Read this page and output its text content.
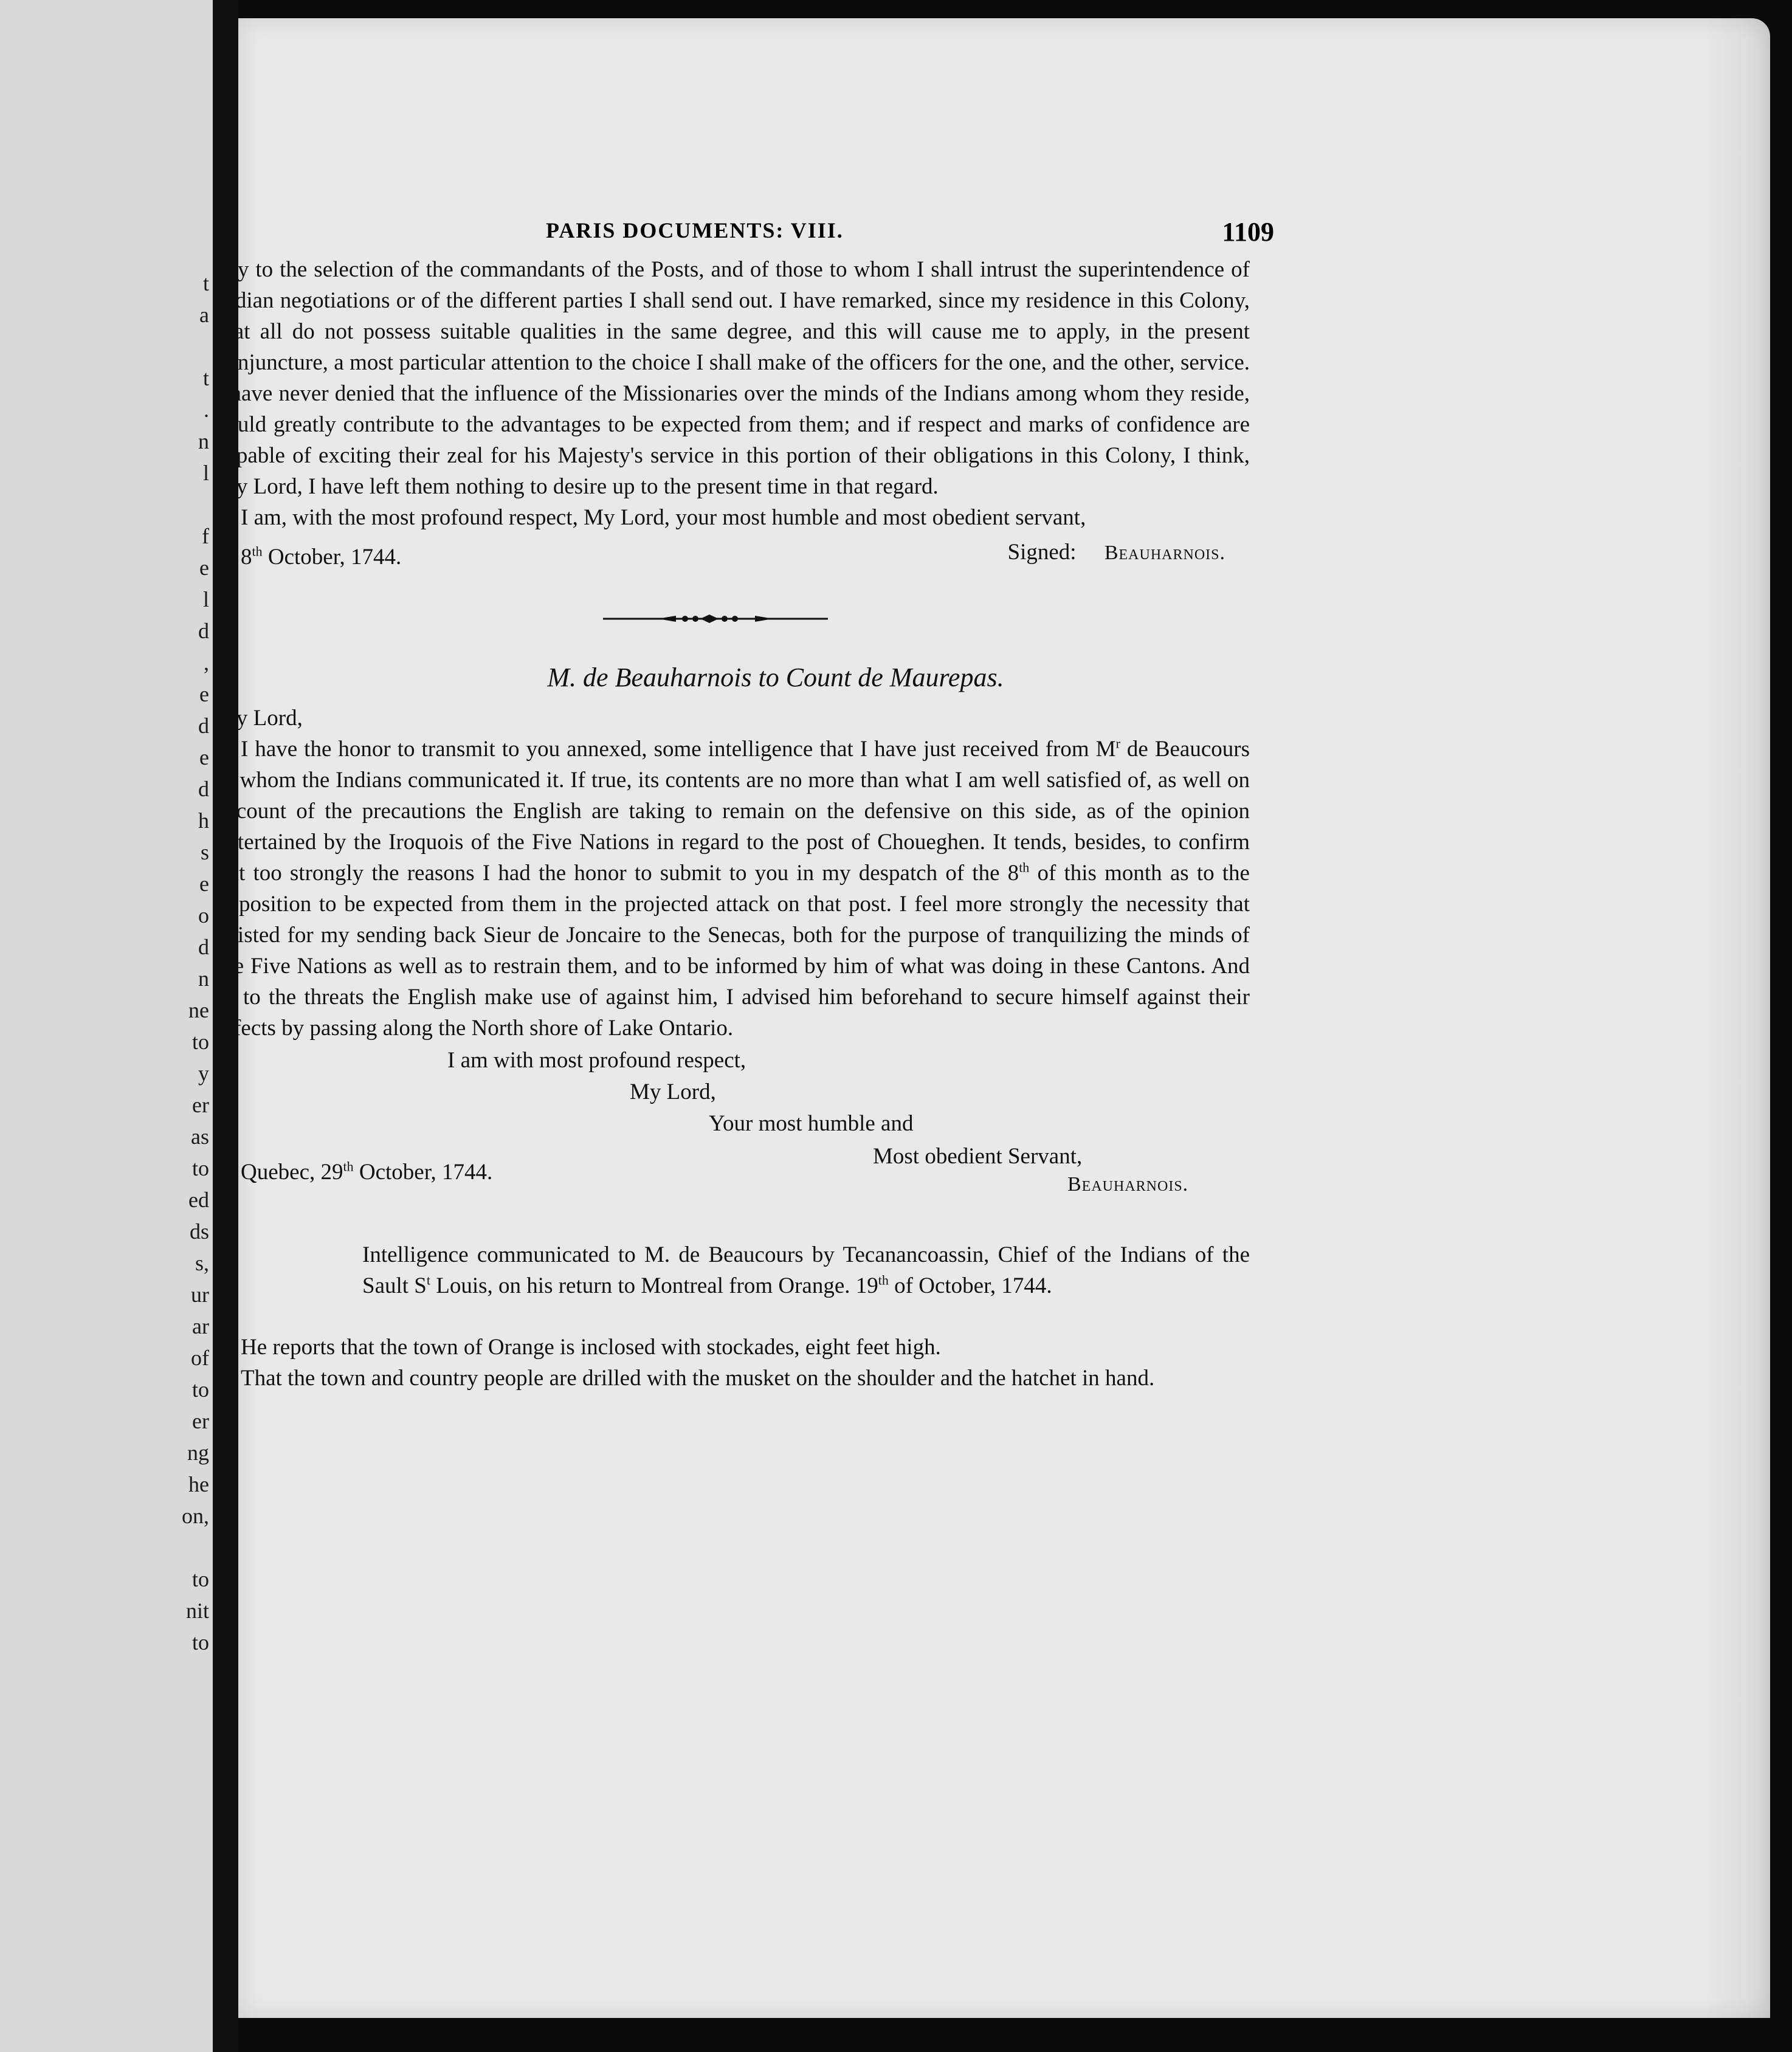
t
a
t
.
n
l
f
e
l
d
,
e
d
e
d
h
s
e
o
d
n
ne
to
y
er
as
to
ed
ds
s,
ur
ar
of
to
er
ng
he
on,
to
nit
to
PARIS DOCUMENTS: VIII.	1109

pay to the selection of the commandants of the Posts, and of those to whom I shall intrust the superintendence of Indian negotiations or of the different parties I shall send out. I have remarked, since my residence in this Colony, that all do not possess suitable qualities in the same degree, and this will cause me to apply, in the present conjuncture, a most particular attention to the choice I shall make of the officers for the one, and the other, service. I have never denied that the influence of the Missionaries over the minds of the Indians among whom they reside, could greatly contribute to the advantages to be expected from them; and if respect and marks of confidence are capable of exciting their zeal for his Majesty's service in this portion of their obligations in this Colony, I think, My Lord, I have left them nothing to desire up to the present time in that regard.

I am, with the most profound respect, My Lord, your most humble and most obedient servant,

8th October, 1744.	Signed: Beauharnois.
M. de Beauharnois to Count de Maurepas.

My Lord,

I have the honor to transmit to you annexed, some intelligence that I have just received from $M^r$ de Beaucours to whom the Indians communicated it. If true, its contents are no more than what I am well satisfied of, as well on account of the precautions the English are taking to remain on the defensive on this side, as of the opinion entertained by the Iroquois of the Five Nations in regard to the post of Choueghen. It tends, besides, to confirm but too strongly the reasons I had the honor to submit to you in my despatch of the 8th of this month as to the opposition to be expected from them in the projected attack on that post. I feel more strongly the necessity that existed for my sending back Sieur de Joncaire to the Senecas, both for the purpose of tranquilizing the minds of the Five Nations as well as to restrain them, and to be informed by him of what was doing in these Cantons. And as to the threats the English make use of against him, I advised him beforehand to secure himself against their effects by passing along the North shore of Lake Ontario.

I am with most profound respect,
My Lord,
Your most humble and
Most obedient Servant,
Quebec, 29th October, 1744.	Beauharnois.

Intelligence communicated to M. de Beaucours by Tecanancoassin, Chief of the Indians of the Sault $S^t$ Louis, on his return to Montreal from Orange. 19th of October, 1744.

He reports that the town of Orange is inclosed with stockades, eight feet high.

That the town and country people are drilled with the musket on the shoulder and the hatchet in hand.
